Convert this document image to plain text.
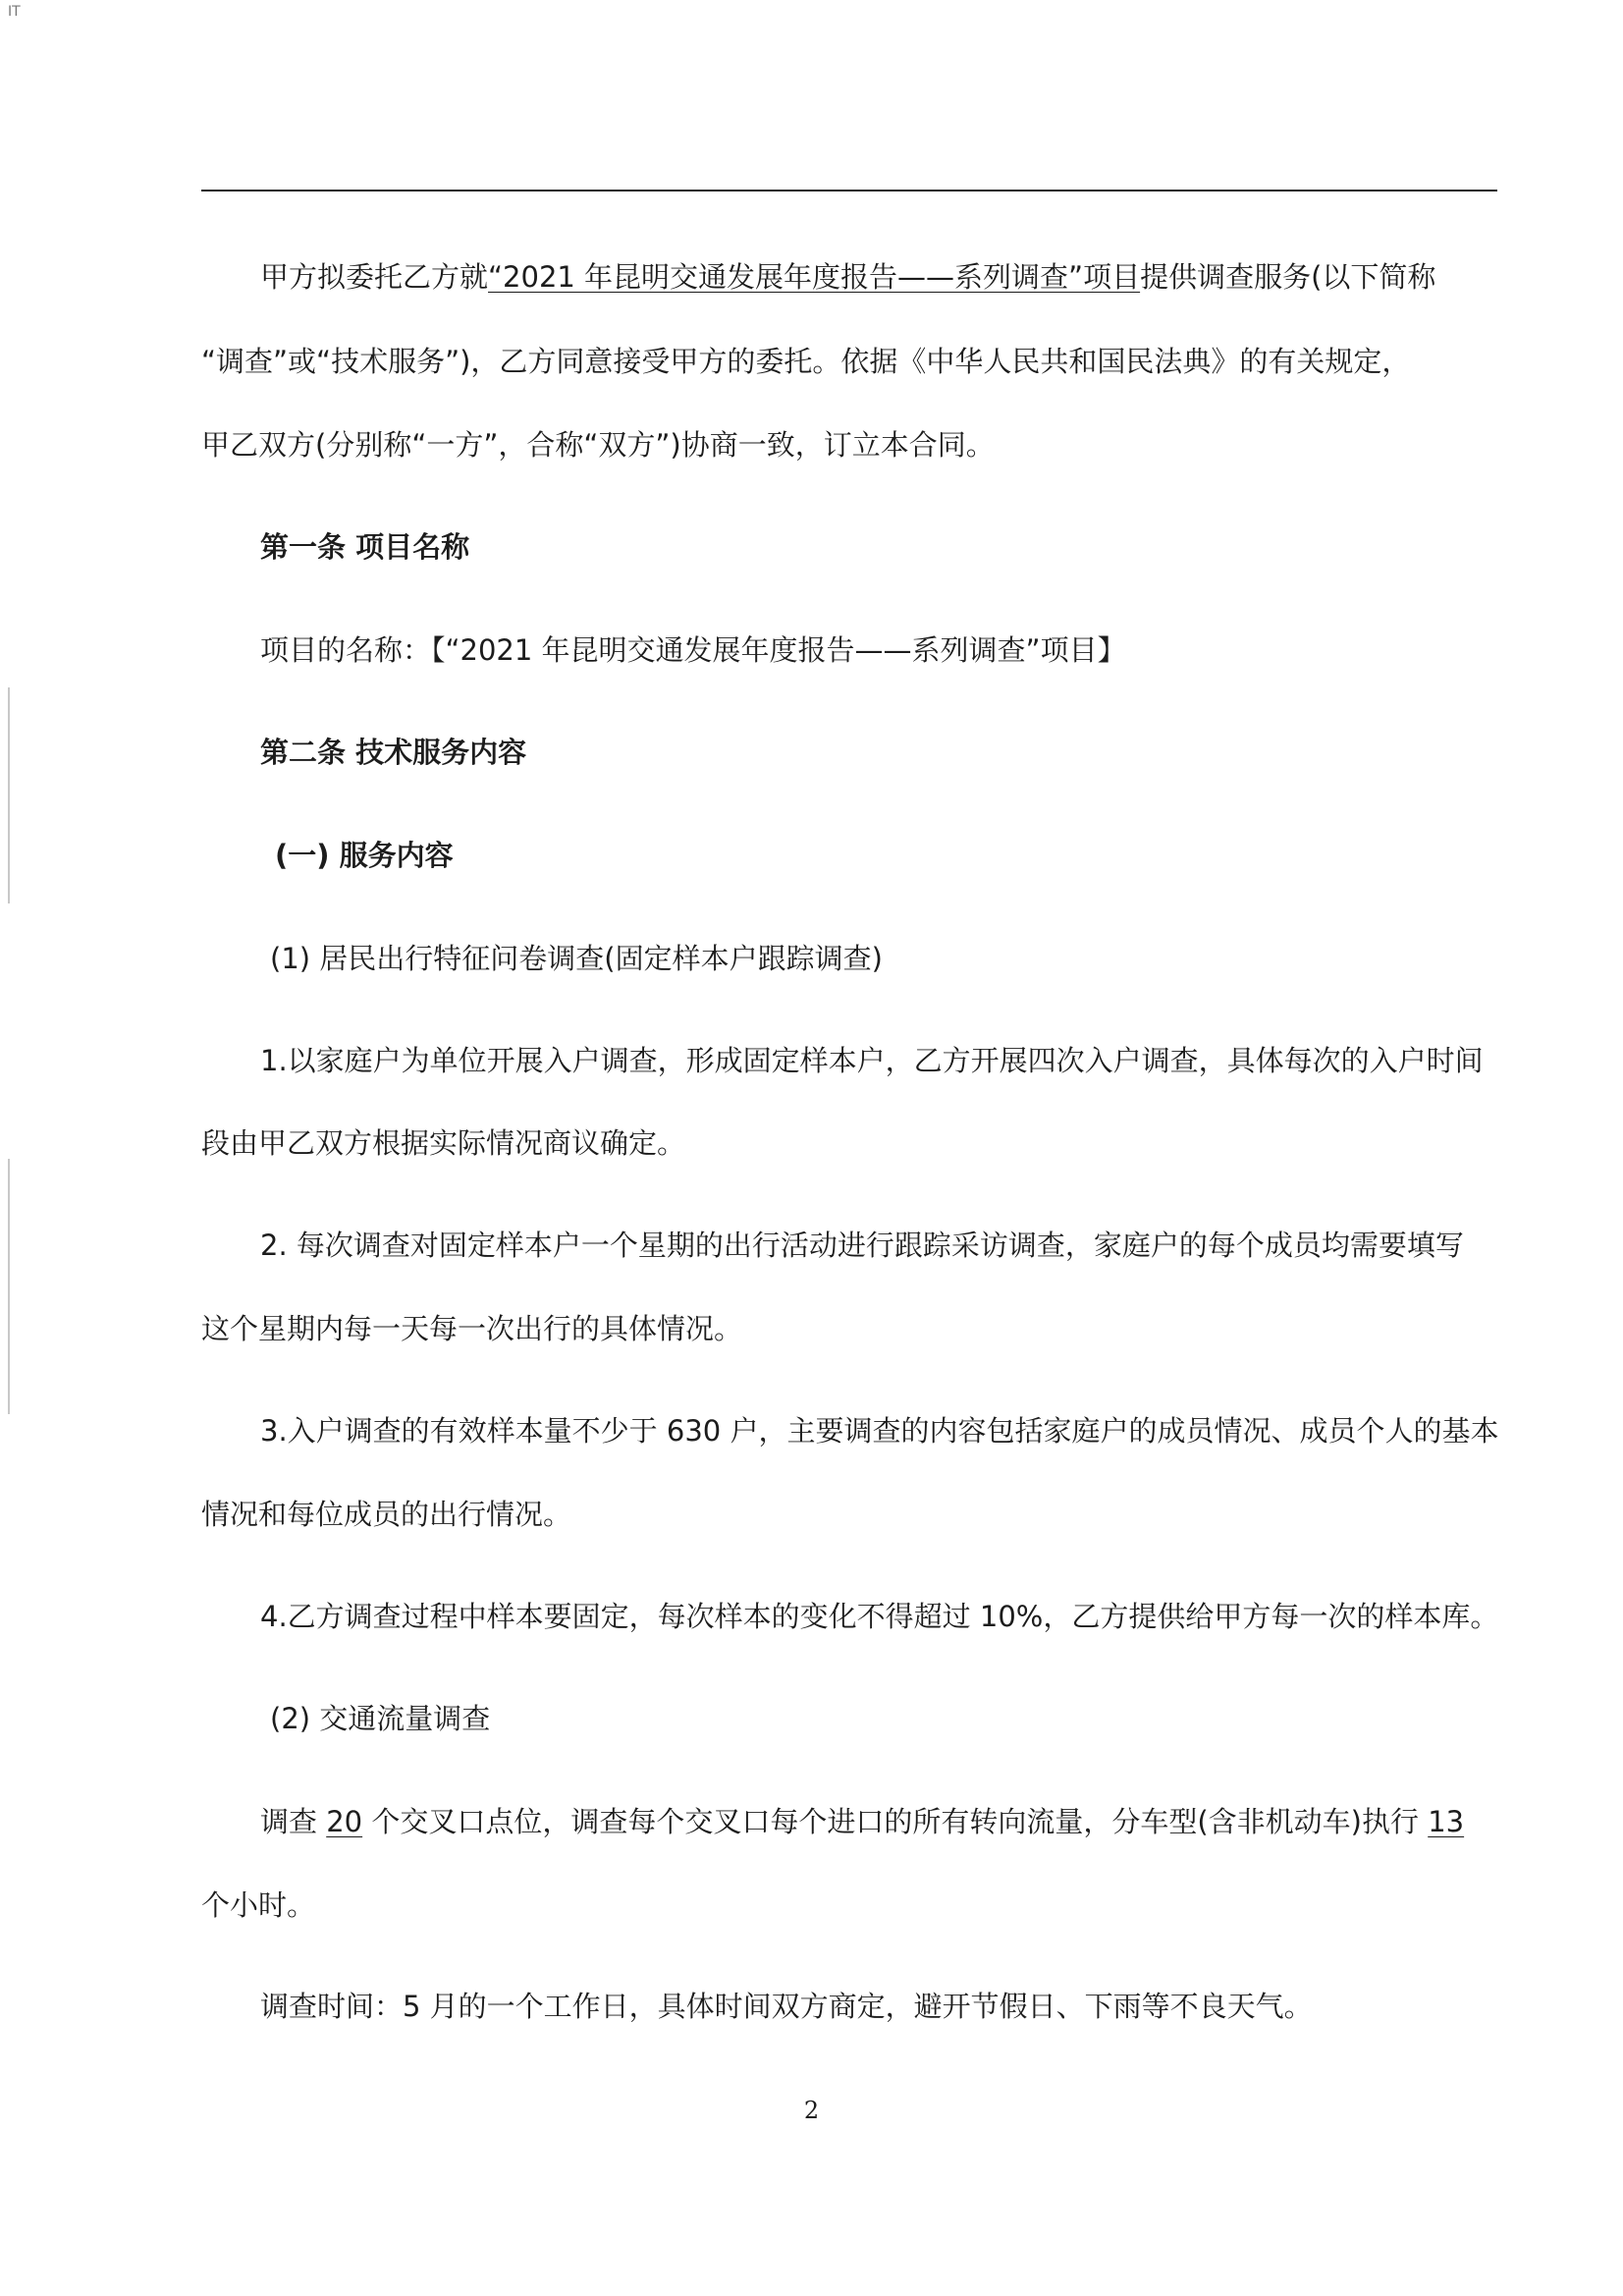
IT
甲方拟委托乙方就“2021 年昆明交通发展年度报告——系列调查”项目提供调查服务(以下简称
“调查”或“技术服务”)，乙方同意接受甲方的委托。依据《中华人民共和国民法典》的有关规定，
甲乙双方(分别称“一方”，合称“双方”)协商一致，订立本合同。
第一条 项目名称
项目的名称：【“2021 年昆明交通发展年度报告——系列调查”项目】
第二条 技术服务内容
(一) 服务内容
(1) 居民出行特征问卷调查(固定样本户跟踪调查)
1.以家庭户为单位开展入户调查，形成固定样本户，乙方开展四次入户调查，具体每次的入户时间
段由甲乙双方根据实际情况商议确定。
2. 每次调查对固定样本户一个星期的出行活动进行跟踪采访调查，家庭户的每个成员均需要填写
这个星期内每一天每一次出行的具体情况。
3.入户调查的有效样本量不少于 630 户，主要调查的内容包括家庭户的成员情况、成员个人的基本
情况和每位成员的出行情况。
4.乙方调查过程中样本要固定，每次样本的变化不得超过 10%，乙方提供给甲方每一次的样本库。
(2) 交通流量调查
调查 20 个交叉口点位，调查每个交叉口每个进口的所有转向流量，分车型(含非机动车)执行 13
个小时。
调查时间：5 月的一个工作日，具体时间双方商定，避开节假日、下雨等不良天气。
2
